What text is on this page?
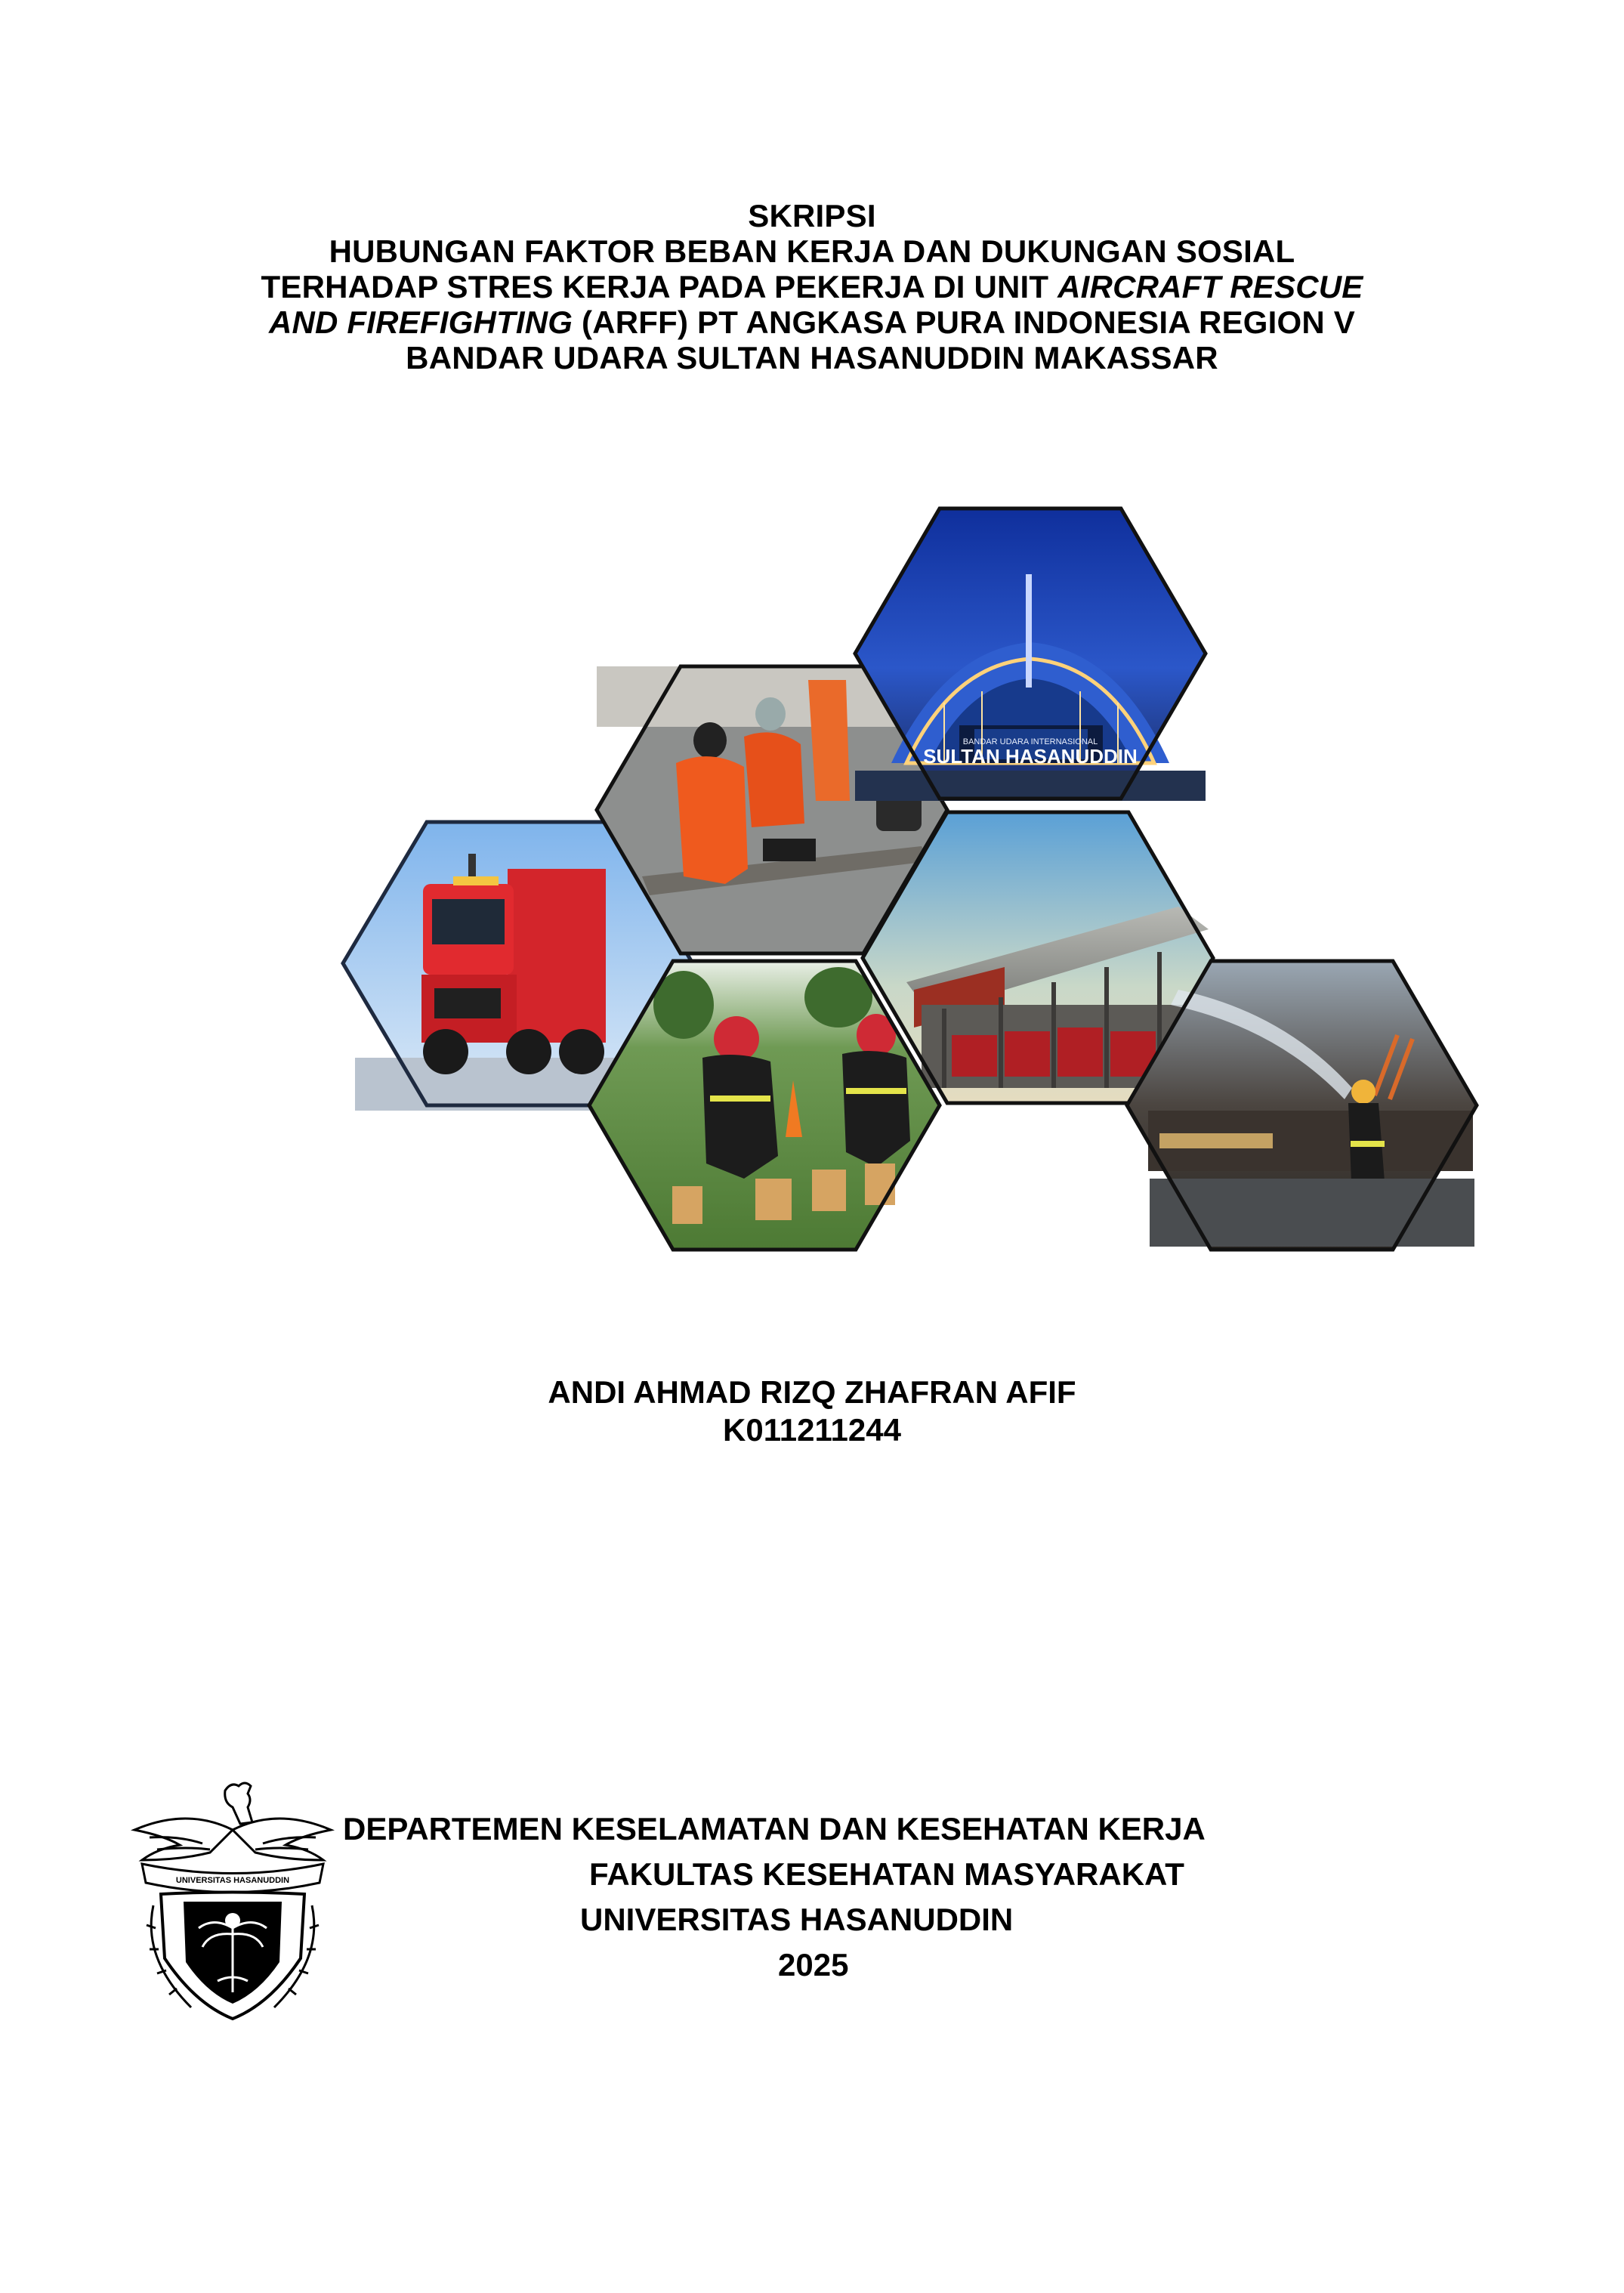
SKRIPSI
HUBUNGAN FAKTOR BEBAN KERJA DAN DUKUNGAN SOSIAL
TERHADAP STRES KERJA PADA PEKERJA DI UNIT AIRCRAFT RESCUE
AND FIREFIGHTING (ARFF) PT ANGKASA PURA INDONESIA REGION V
BANDAR UDARA SULTAN HASANUDDIN MAKASSAR
BANDAR UDARA INTERNASIONAL
SULTAN HASANUDDIN
ANDI AHMAD RIZQ ZHAFRAN AFIF
K011211244
UNIVERSITAS HASANUDDIN
DEPARTEMEN KESELAMATAN DAN KESEHATAN KERJA
FAKULTAS KESEHATAN MASYARAKAT
UNIVERSITAS HASANUDDIN
2025
